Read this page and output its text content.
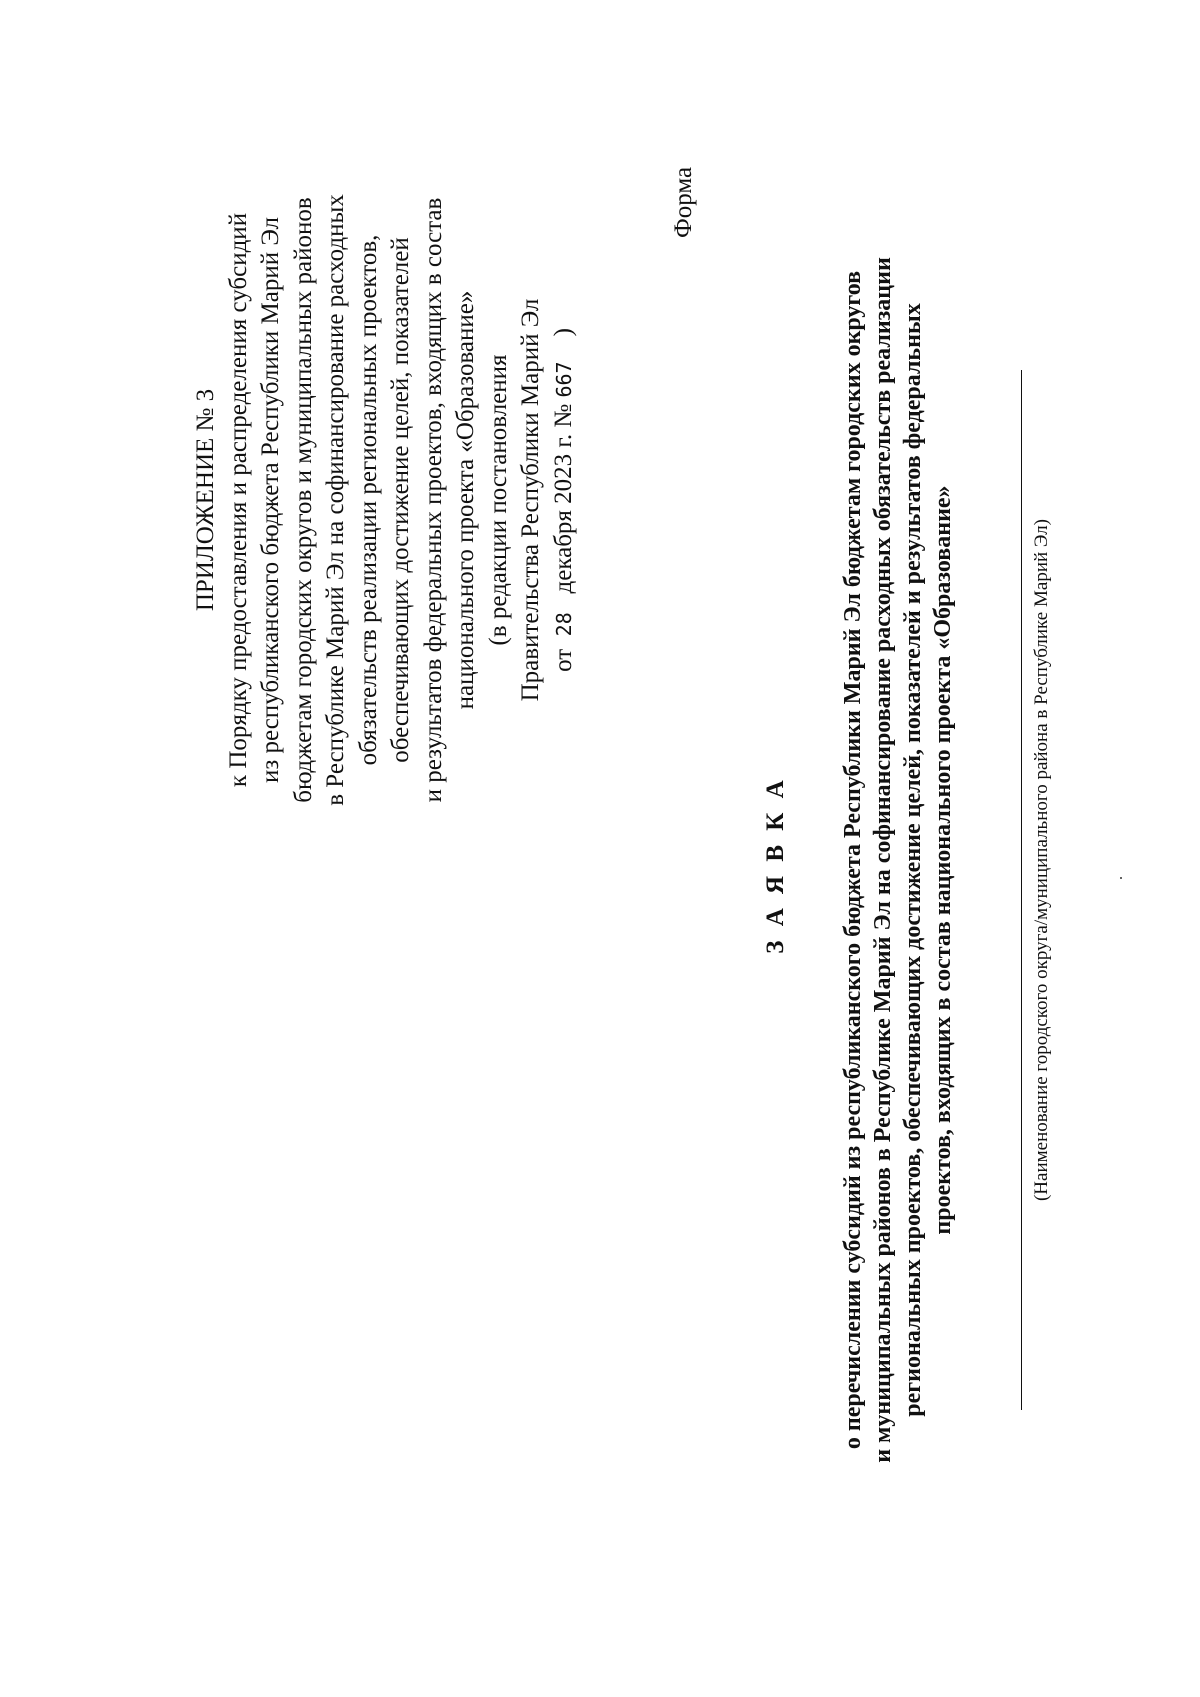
ПРИЛОЖЕНИЕ № 3 к Порядку предоставления и распределения субсидий из республиканского бюджета Республики Марий Эл бюджетам городских округов и муниципальных районов в Республике Марий Эл на софинансирование расходных обязательств реализации региональных проектов, обеспечивающих достижение целей, показателей и результатов федеральных проектов, входящих в состав национального проекта «Образование» (в редакции постановления Правительства Республики Марий Эл от  28   декабря 2023 г. № 667    )
Форма
З А Я В К А о перечислении субсидий из республиканского бюджета Республики Марий Эл бюджетам городских округов и муниципальных районов в Республике Марий Эл на софинансирование расходных обязательств реализации региональных проектов, обеспечивающих достижение целей, показателей и результатов федеральных проектов, входящих в состав национального проекта «Образование»	(Наименование городского округа/муниципального района в Республике Марий Эл)
